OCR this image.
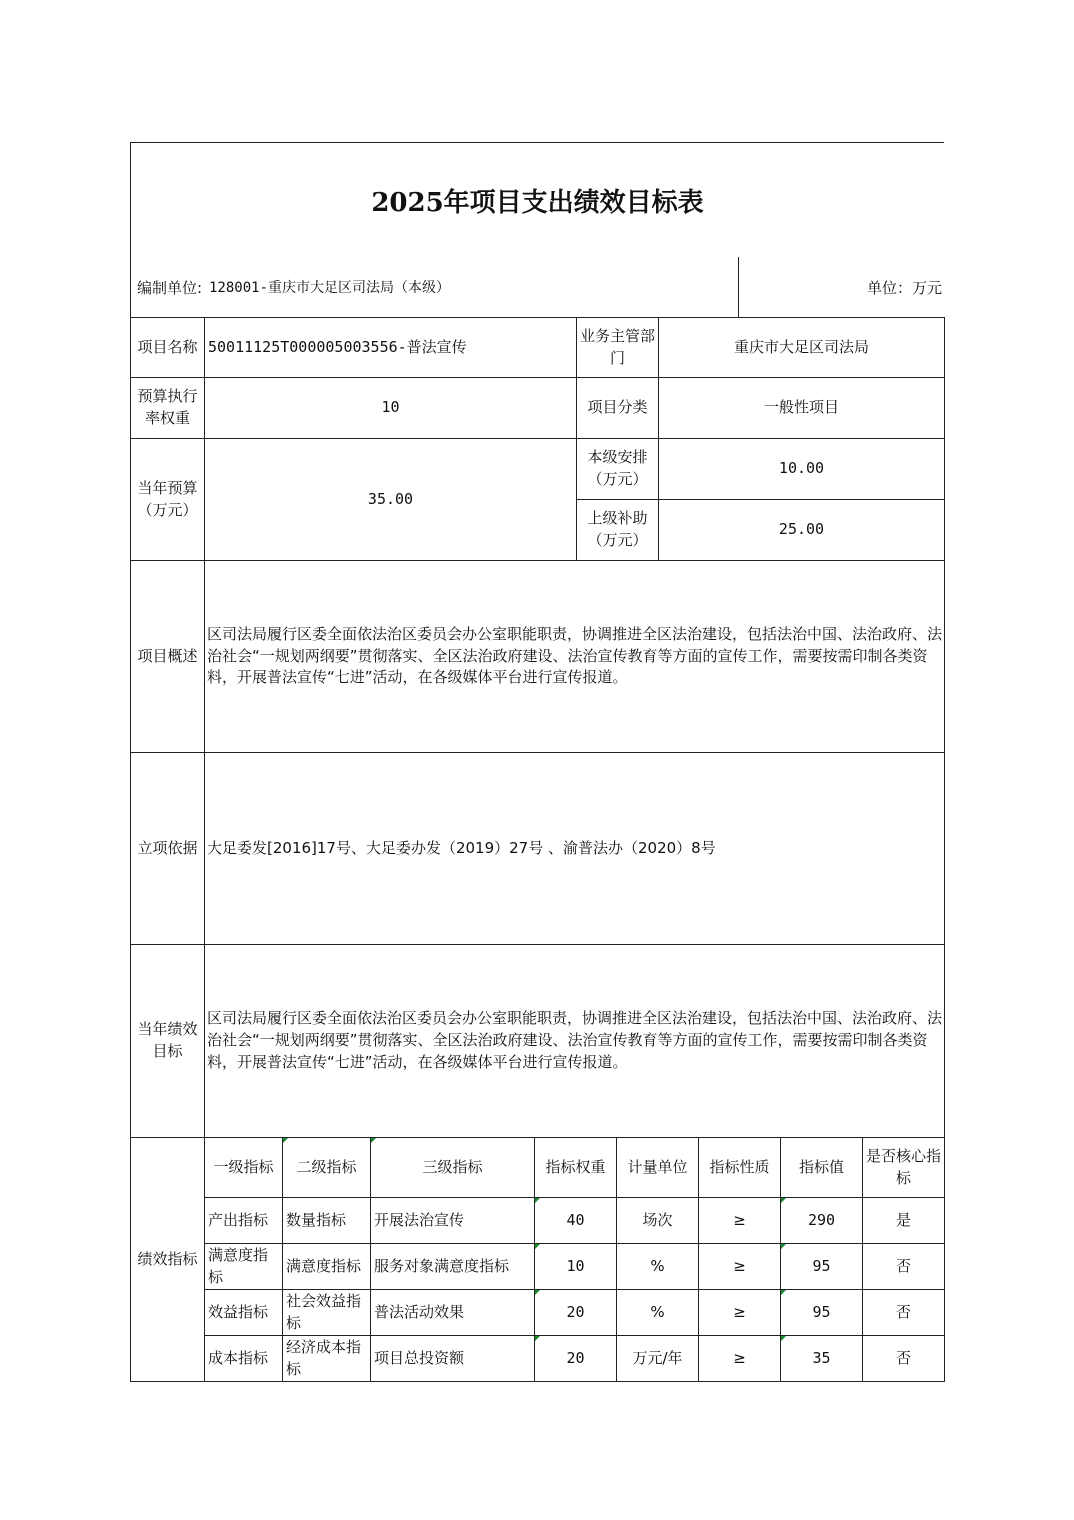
2025年项目支出绩效目标表
编制单位: 128001-重庆市大足区司法局（本级）	单位：万元
项目名称	50011125T000005003556-普法宣传	业务主管部门	重庆市大足区司法局
预算执行率权重	10	项目分类	一般性项目
当年预算（万元）	35.00	本级安排（万元）	10.00
		上级补助（万元）	25.00
项目概述	区司法局履行区委全面依法治区委员会办公室职能职责，协调推进全区法治建设，包括法治中国、法治政府、法治社会“一规划两纲要”贯彻落实、全区法治政府建设、法治宣传教育等方面的宣传工作，需要按需印制各类资料，开展普法宣传“七进”活动，在各级媒体平台进行宣传报道。		
立项依据	大足委发[2016]17号、大足委办发（2019）27号 、渝普法办（2020）8号		
当年绩效目标	区司法局履行区委全面依法治区委员会办公室职能职责，协调推进全区法治建设，包括法治中国、法治政府、法治社会“一规划两纲要”贯彻落实、全区法治政府建设、法治宣传教育等方面的宣传工作，需要按需印制各类资料，开展普法宣传“七进”活动，在各级媒体平台进行宣传报道。		
绩效指标	一级指标	二级指标	三级指标	指标权重	计量单位	指标性质	指标值	是否核心指标
	产出指标	数量指标	开展法治宣传	40	场次	≥	290	是
	满意度指标	满意度指标	服务对象满意度指标	10	%	≥	95	否
	效益指标	社会效益指标	普法活动效果	20	%	≥	95	否
	成本指标	经济成本指标	项目总投资额	20	万元/年	≥	35	否
